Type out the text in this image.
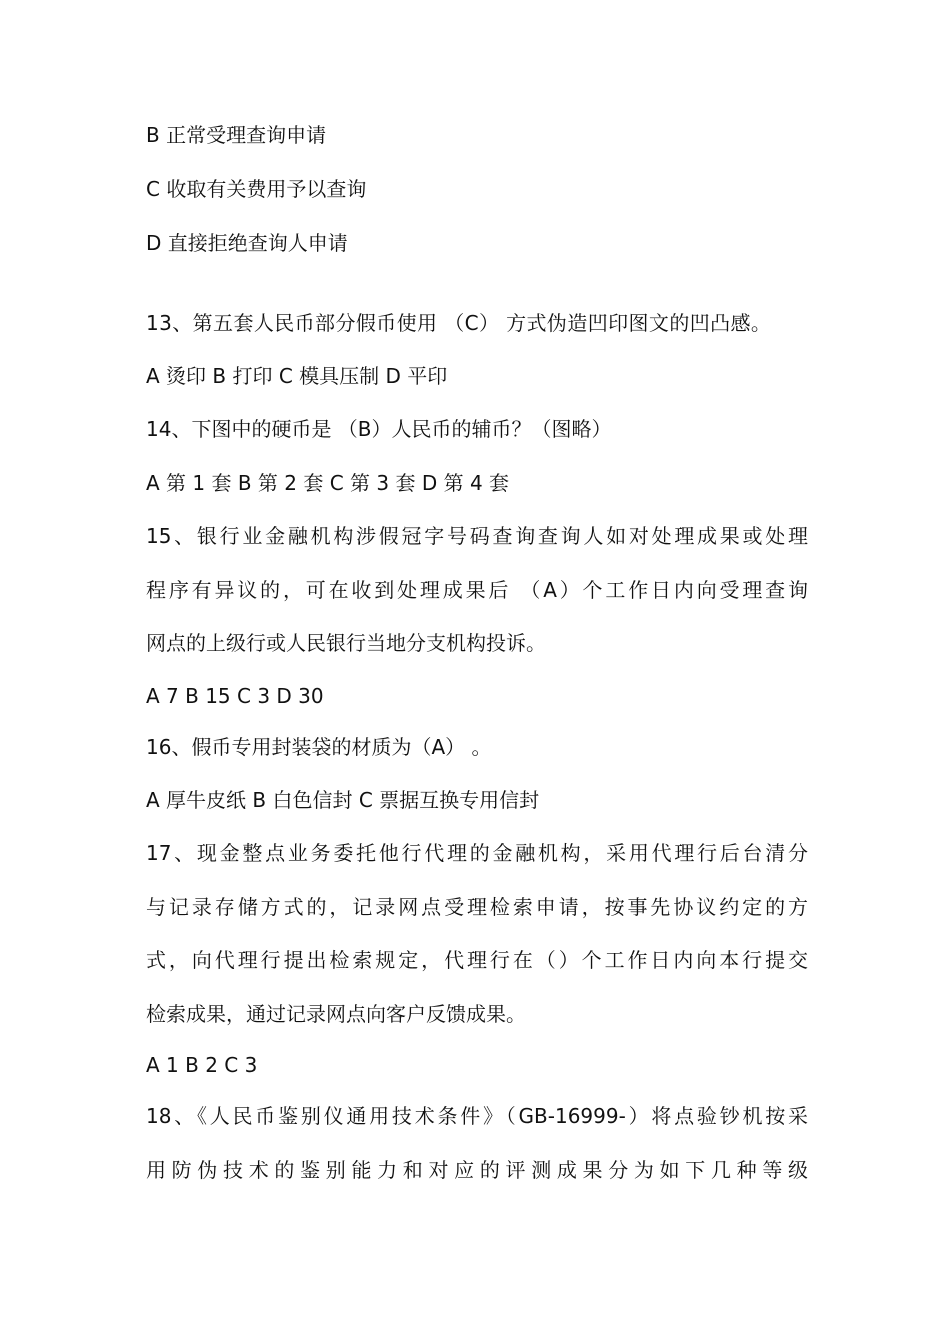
B 正常受理查询申请
C 收取有关费用予以查询
D 直接拒绝查询人申请
13、第五套人民币部分假币使用 （C） 方式伪造凹印图文的凹凸感。
A 烫印 B 打印 C 模具压制 D 平印
14、下图中的硬币是 （B）人民币的辅币？（图略）
A 第 1 套 B 第 2 套 C 第 3 套 D 第 4 套
15、银行业金融机构涉假冠字号码查询查询人如对处理成果或处理
程序有异议的，可在收到处理成果后 （A）个工作日内向受理查询
网点的上级行或人民银行当地分支机构投诉。
A 7 B 15 C 3 D 30
16、假币专用封装袋的材质为（A） 。
A 厚牛皮纸 B 白色信封 C 票据互换专用信封
17、现金整点业务委托他行代理的金融机构，采用代理行后台清分
与记录存储方式的，记录网点受理检索申请，按事先协议约定的方
式，向代理行提出检索规定，代理行在（）个工作日内向本行提交
检索成果，通过记录网点向客户反馈成果。
A 1 B 2 C 3
18、《人民币鉴别仪通用技术条件》（GB-16999-）将点验钞机按采
用防伪技术的鉴别能力和对应的评测成果分为如下几种等级
